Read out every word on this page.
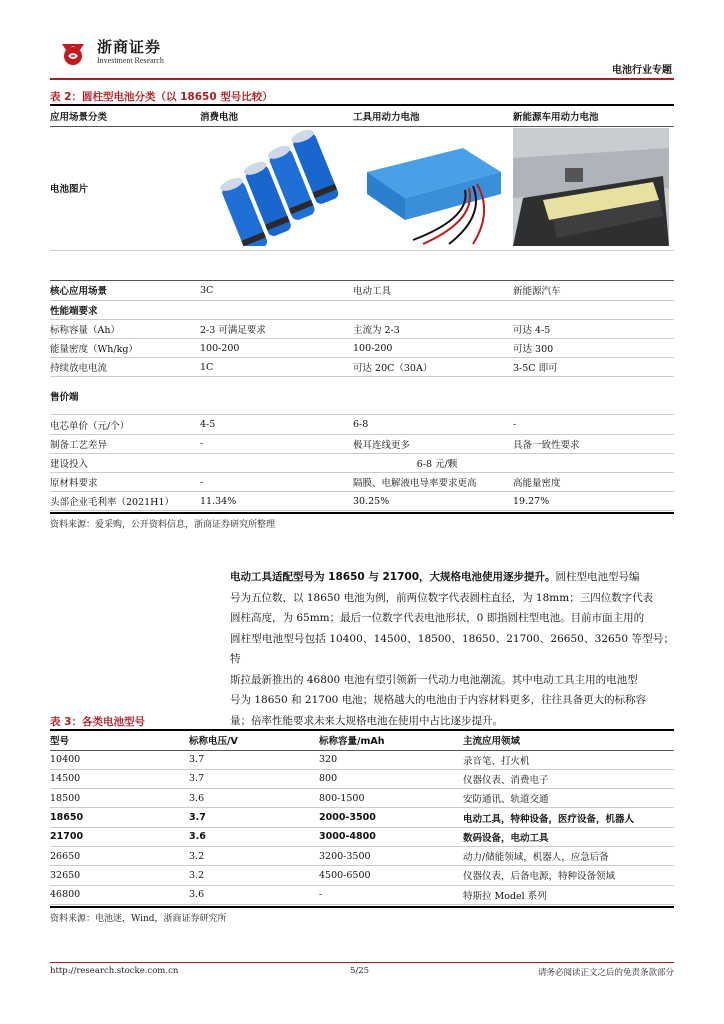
浙商证券
Investment Research
电池行业专题
表 2：圆柱型电池分类（以 18650 型号比较）
应用场景分类	消费电池	工具用动力电池	新能源车用动力电池
电池图片			
核心应用场景	3C	电动工具	新能源汽车
性能端要求			
标称容量（Ah）	2-3 可满足要求	主流为 2-3	可达 4-5
能量密度（Wh/kg）	100-200	100-200	可达 300
持续放电电流	1C	可达 20C（30A）	3-5C 即可
售价端			
电芯单价（元/个）	4-5	6-8	-
制备工艺差异	-	极耳连线更多	具备一致性要求
建设投入	6-8 元/颗		
原材料要求	-	隔膜、电解液电导率要求更高	高能量密度
头部企业毛利率（2021H1）	11.34%	30.25%	19.27%
资料来源：爱采购，公开资料信息，浙商证券研究所整理
电动工具适配型号为 18650 与 21700，大规格电池使用逐步提升。圆柱型电池型号编
号为五位数，以 18650 电池为例，前两位数字代表圆柱直径，为 18mm；三四位数字代表
圆柱高度，为 65mm；最后一位数字代表电池形状，0 即指圆柱型电池。目前市面主用的
圆柱型电池型号包括 10400、14500、18500、18650、21700、26650、32650 等型号；特
斯拉最新推出的 46800 电池有望引领新一代动力电池潮流。其中电动工具主用的电池型
号为 18650 和 21700 电池；规格越大的电池由于内容材料更多，往往具备更大的标称容
量；倍率性能要求未来大规格电池在使用中占比逐步提升。
表 3：各类电池型号
型号	标称电压/V	标称容量/mAh	主流应用领域
10400	3.7	320	录音笔、打火机
14500	3.7	800	仪器仪表、消费电子
18500	3.6	800-1500	安防通讯、轨道交通
18650	3.7	2000-3500	电动工具，特种设备，医疗设备，机器人
21700	3.6	3000-4800	数码设备，电动工具
26650	3.2	3200-3500	动力/储能领域，机器人，应急后备
32650	3.2	4500-6500	仪器仪表，后备电源，特种设备领域
46800	3.6	-	特斯拉 Model 系列
资料来源：电池迷，Wind，浙商证券研究所
http://research.stocke.com.cn	5/25	请务必阅读正文之后的免责条款部分
